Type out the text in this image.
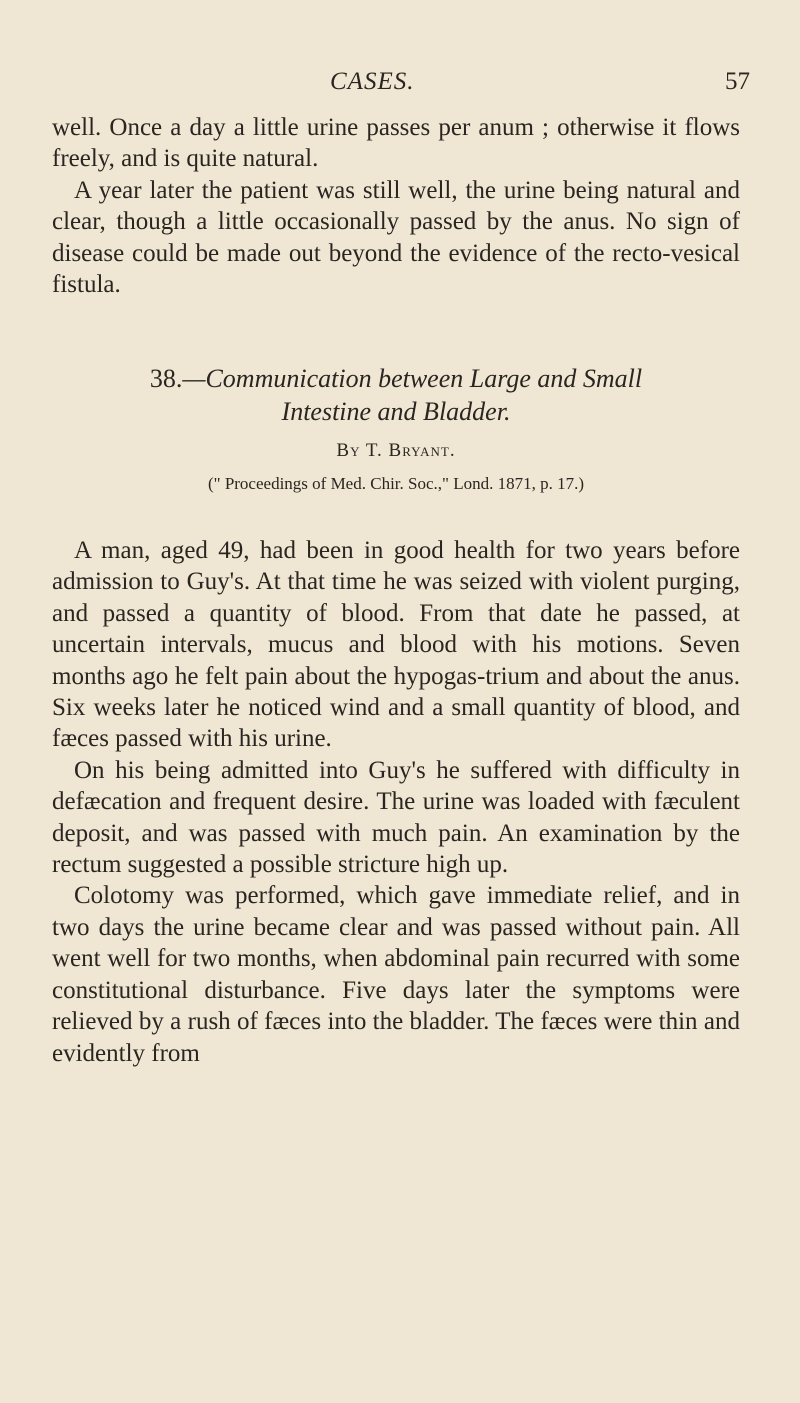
CASES.	57

well. Once a day a little urine passes per anum ; otherwise it flows freely, and is quite natural.

A year later the patient was still well, the urine being natural and clear, though a little occasionally passed by the anus. No sign of disease could be made out beyond the evidence of the recto-vesical fistula.

38.—Communication between Large and Small
Intestine and Bladder.
By T. Bryant.
(" Proceedings of Med. Chir. Soc.," Lond. 1871, p. 17.)

A man, aged 49, had been in good health for two years before admission to Guy's. At that time he was seized with violent purging, and passed a quantity of blood. From that date he passed, at uncertain intervals, mucus and blood with his motions. Seven months ago he felt pain about the hypogas-trium and about the anus. Six weeks later he noticed wind and a small quantity of blood, and fæces passed with his urine.

On his being admitted into Guy's he suffered with difficulty in defæcation and frequent desire. The urine was loaded with fæculent deposit, and was passed with much pain. An examination by the rectum suggested a possible stricture high up.

Colotomy was performed, which gave immediate relief, and in two days the urine became clear and was passed without pain. All went well for two months, when abdominal pain recurred with some constitutional disturbance. Five days later the symptoms were relieved by a rush of fæces into the bladder. The fæces were thin and evidently from
